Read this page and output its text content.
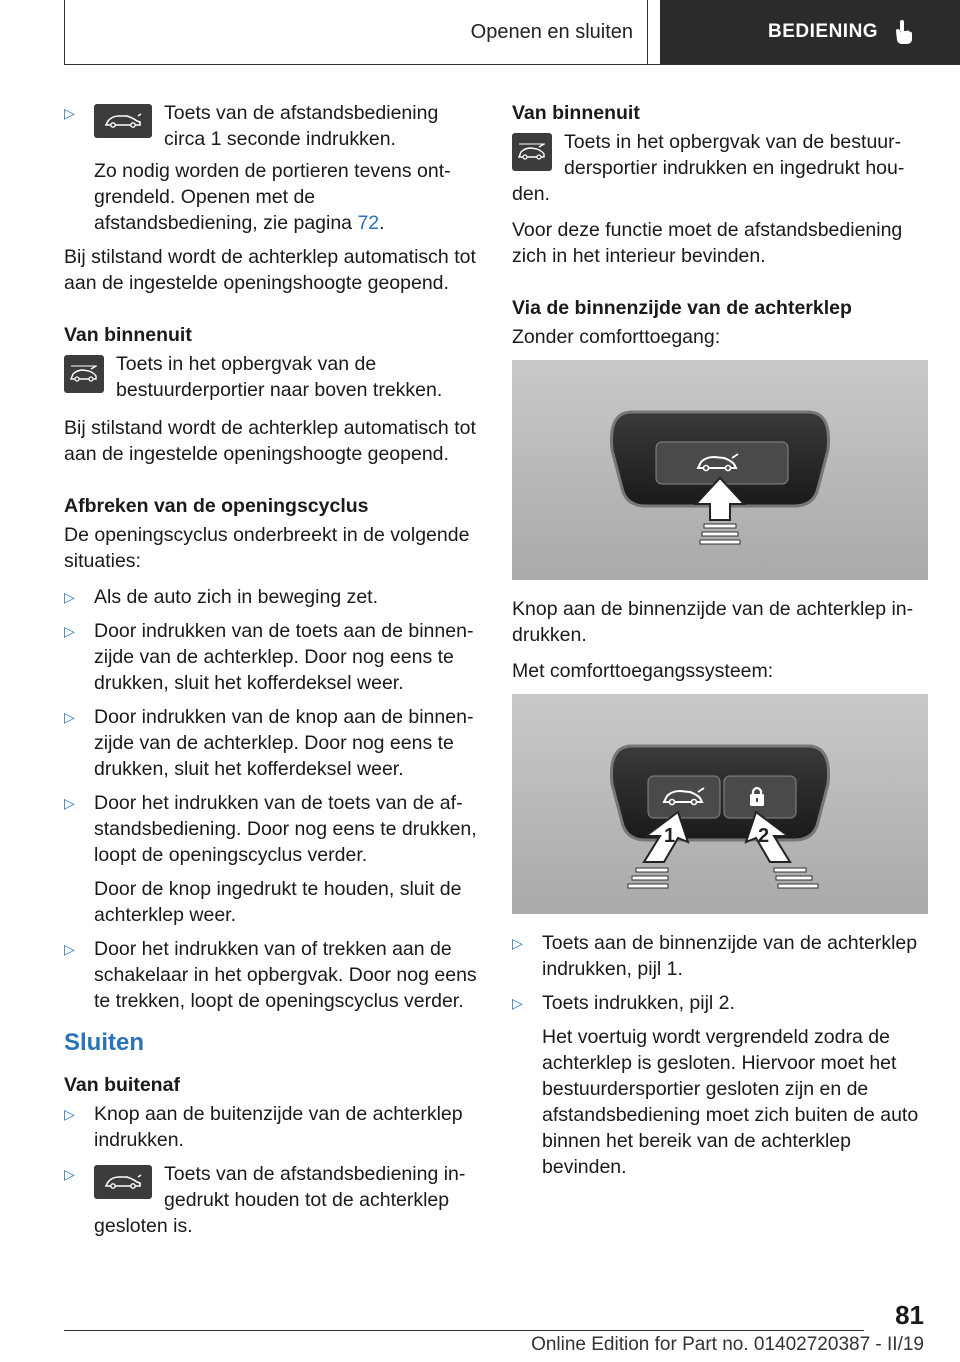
Openen en sluiten	BEDIENING
▷	Toets van de afstandsbediening circa 1 seconde indrukken.
Zo nodig worden de portieren tevens ontgrendeld. Openen met de afstandsbediening, zie pagina 72.

Bij stilstand wordt de achterklep automatisch tot aan de ingestelde openingshoogte geopend.

Van binnenuit
Toets in het opbergvak van de bestuurderportier naar boven trekken.

Bij stilstand wordt de achterklep automatisch tot aan de ingestelde openingshoogte geopend.

Afbreken van de openingscyclus

De openingscyclus onderbreekt in de volgende situaties:

▷ Als de auto zich in beweging zet.
▷ Door indrukken van de toets aan de binnenzijde van de achterklep. Door nog eens te drukken, sluit het kofferdeksel weer.
▷ Door indrukken van de knop aan de binnenzijde van de achterklep. Door nog eens te drukken, sluit het kofferdeksel weer.
▷ Door het indrukken van de toets van de afstandsbediening. Door nog eens te drukken, loopt de openingscyclus verder.
Door de knop ingedrukt te houden, sluit de achterklep weer.
▷ Door het indrukken van of trekken aan de schakelaar in het opbergvak. Door nog eens te trekken, loopt de openingscyclus verder.
Sluiten
Van buitenaf
▷ Knop aan de buitenzijde van de achterklep indrukken.
▷	Toets van de afstandsbediening ingedrukt houden tot de achterklep gesloten is.
Van binnenuit
Toets in het opbergvak van de bestuurdersportier indrukken en ingedrukt houden.

Voor deze functie moet de afstandsbediening zich in het interieur bevinden.

Via de binnenzijde van de achterklep

Zonder comforttoegang:

Knop aan de binnenzijde van de achterklep indrukken.

Met comforttoegangssysteem:

1	2
▷ Toets aan de binnenzijde van de achterklep indrukken, pijl 1.
▷ Toets indrukken, pijl 2.
Het voertuig wordt vergrendeld zodra de achterklep is gesloten. Hiervoor moet het bestuurdersportier gesloten zijn en de afstandsbediening moet zich buiten de auto binnen het bereik van de achterklep bevinden.
81
Online Edition for Part no. 01402720387 - II/19
